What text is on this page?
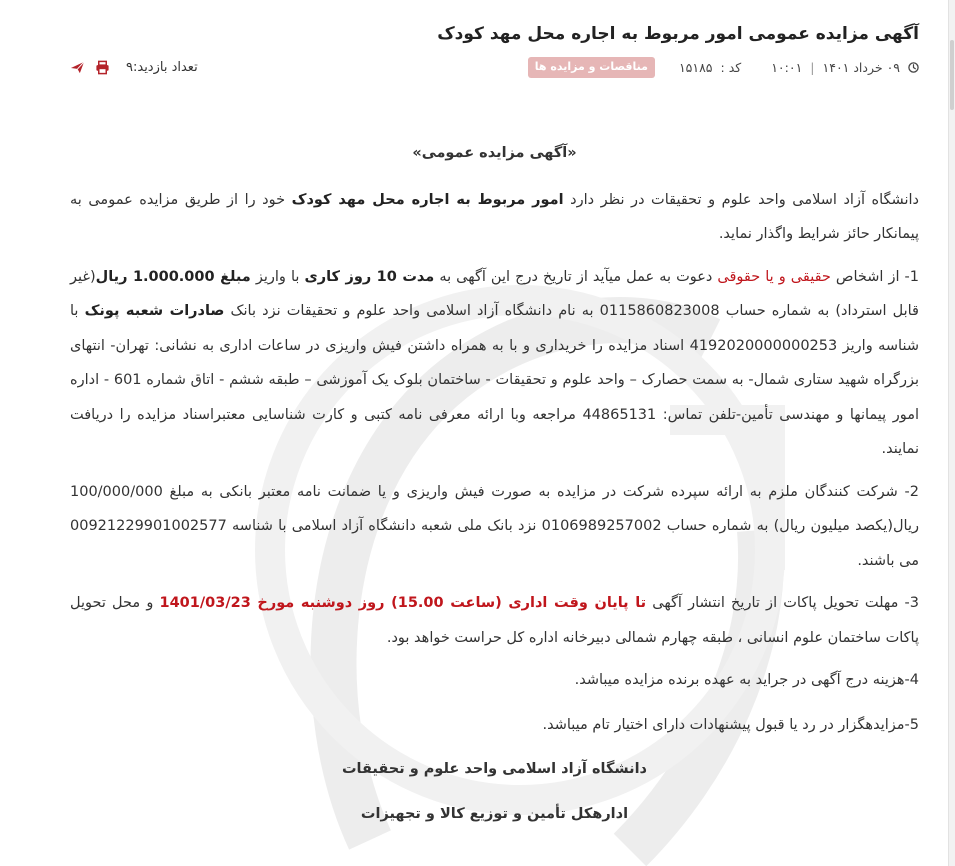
آگهی مزایده عمومی امور مربوط به اجاره محل مهد کودک
۰۹ خرداد ۱۴۰۱
|
۱۰:۰۱
کد :
۱۵۱۸۵
مناقصات و مزایده ها
تعداد بازدید:۹

«آگهی مزایده عمومی»

دانشگاه آزاد اسلامی واحد علوم و تحقیقات در نظر دارد امور مربوط به اجاره محل مهد کودک خود را از طریق مزایده عمومی به پیمانکار حائز شرایط واگذار نماید.

1- از اشخاص حقیقی و یا حقوقی دعوت به عمل میآید از تاریخ درج این آگهی به مدت 10 روز کاری با واریز مبلغ 1.000.000 ریال(غیر قابل استرداد) به شماره حساب 0115860823008 به نام دانشگاه آزاد اسلامی واحد علوم و تحقیقات نزد بانک صادرات شعبه پونک با شناسه واریز 4192020000000253 اسناد مزایده را خریداری و با به همراه داشتن فیش واریزی در ساعات اداری به نشانی: تهران- انتهای بزرگراه شهید ستاری شمال- به سمت حصارک – واحد علوم و تحقیقات - ساختمان بلوک یک آموزشی – طبقه ششم - اتاق شماره 601 - اداره امور پیمانها و مهندسی تأمین-تلفن تماس: 44865131 مراجعه وبا ارائه معرفی نامه کتبی و کارت شناسایی معتبراسناد مزایده را دریافت نمایند.

2- شرکت کنندگان ملزم به ارائه سپرده شرکت در مزایده به صورت فیش واریزی و یا ضمانت نامه معتبر بانکی به مبلغ 100/000/000 ریال(یکصد میلیون ریال) به شماره حساب 0106989257002 نزد بانک ملی شعبه دانشگاه آزاد اسلامی با شناسه 00921229901002577 می باشند.

3- مهلت تحویل پاکات از تاریخ انتشار آگهی تا پایان وقت اداری (ساعت 15.00) روز دوشنبه مورخ 1401/03/23 و محل تحویل پاکات ساختمان علوم انسانی ، طبقه چهارم شمالی دبیرخانه اداره کل حراست خواهد بود.

4-هزینه درج آگهی در جراید به عهده برنده مزایده میباشد.

5-مزایدهگزار در رد یا قبول پیشنهادات دارای اختیار تام میباشد.

دانشگاه آزاد اسلامی واحد علوم و تحقیقات

ادارهکل تأمین و توزیع کالا و تجهیزات
